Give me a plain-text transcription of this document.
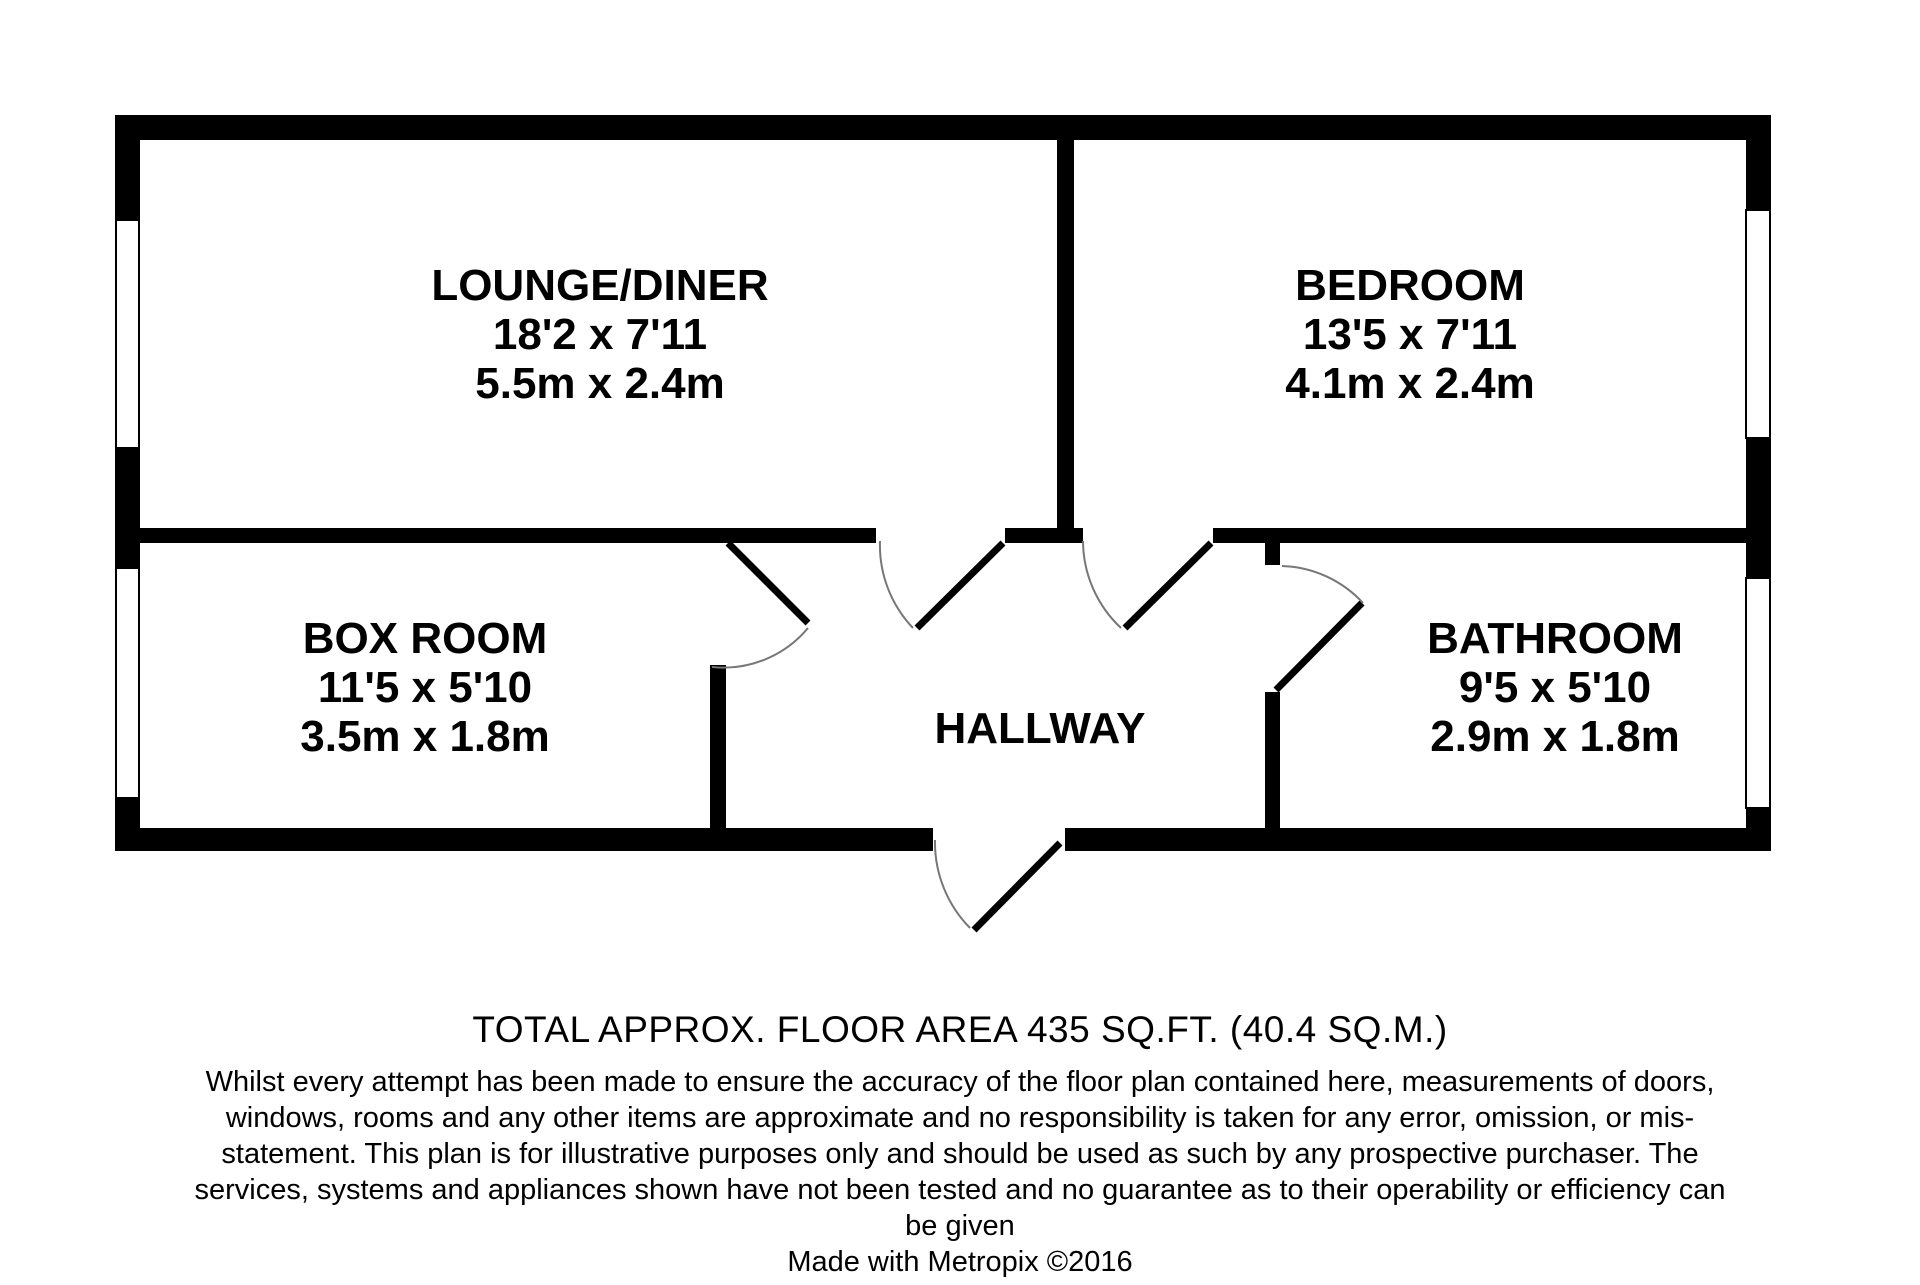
LOUNGE/DINER
18'2 x 7'11
5.5m x 2.4m
BEDROOM
13'5 x 7'11
4.1m x 2.4m
BOX ROOM
11'5 x 5'10
3.5m x 1.8m	HALLWAY
BATHROOM
9'5 x 5'10
2.9m x 1.8m

TOTAL APPROX. FLOOR AREA 435 SQ.FT. (40.4 SQ.M.)

Whilst every attempt has been made to ensure the accuracy of the floor plan contained here, measurements of doors, windows, rooms and any other items are approximate and no responsibility is taken for any error, omission, or mis-statement. This plan is for illustrative purposes only and should be used as such by any prospective purchaser. The services, systems and appliances shown have not been tested and no guarantee as to their operability or efficiency can be given

Made with Metropix ©2016
